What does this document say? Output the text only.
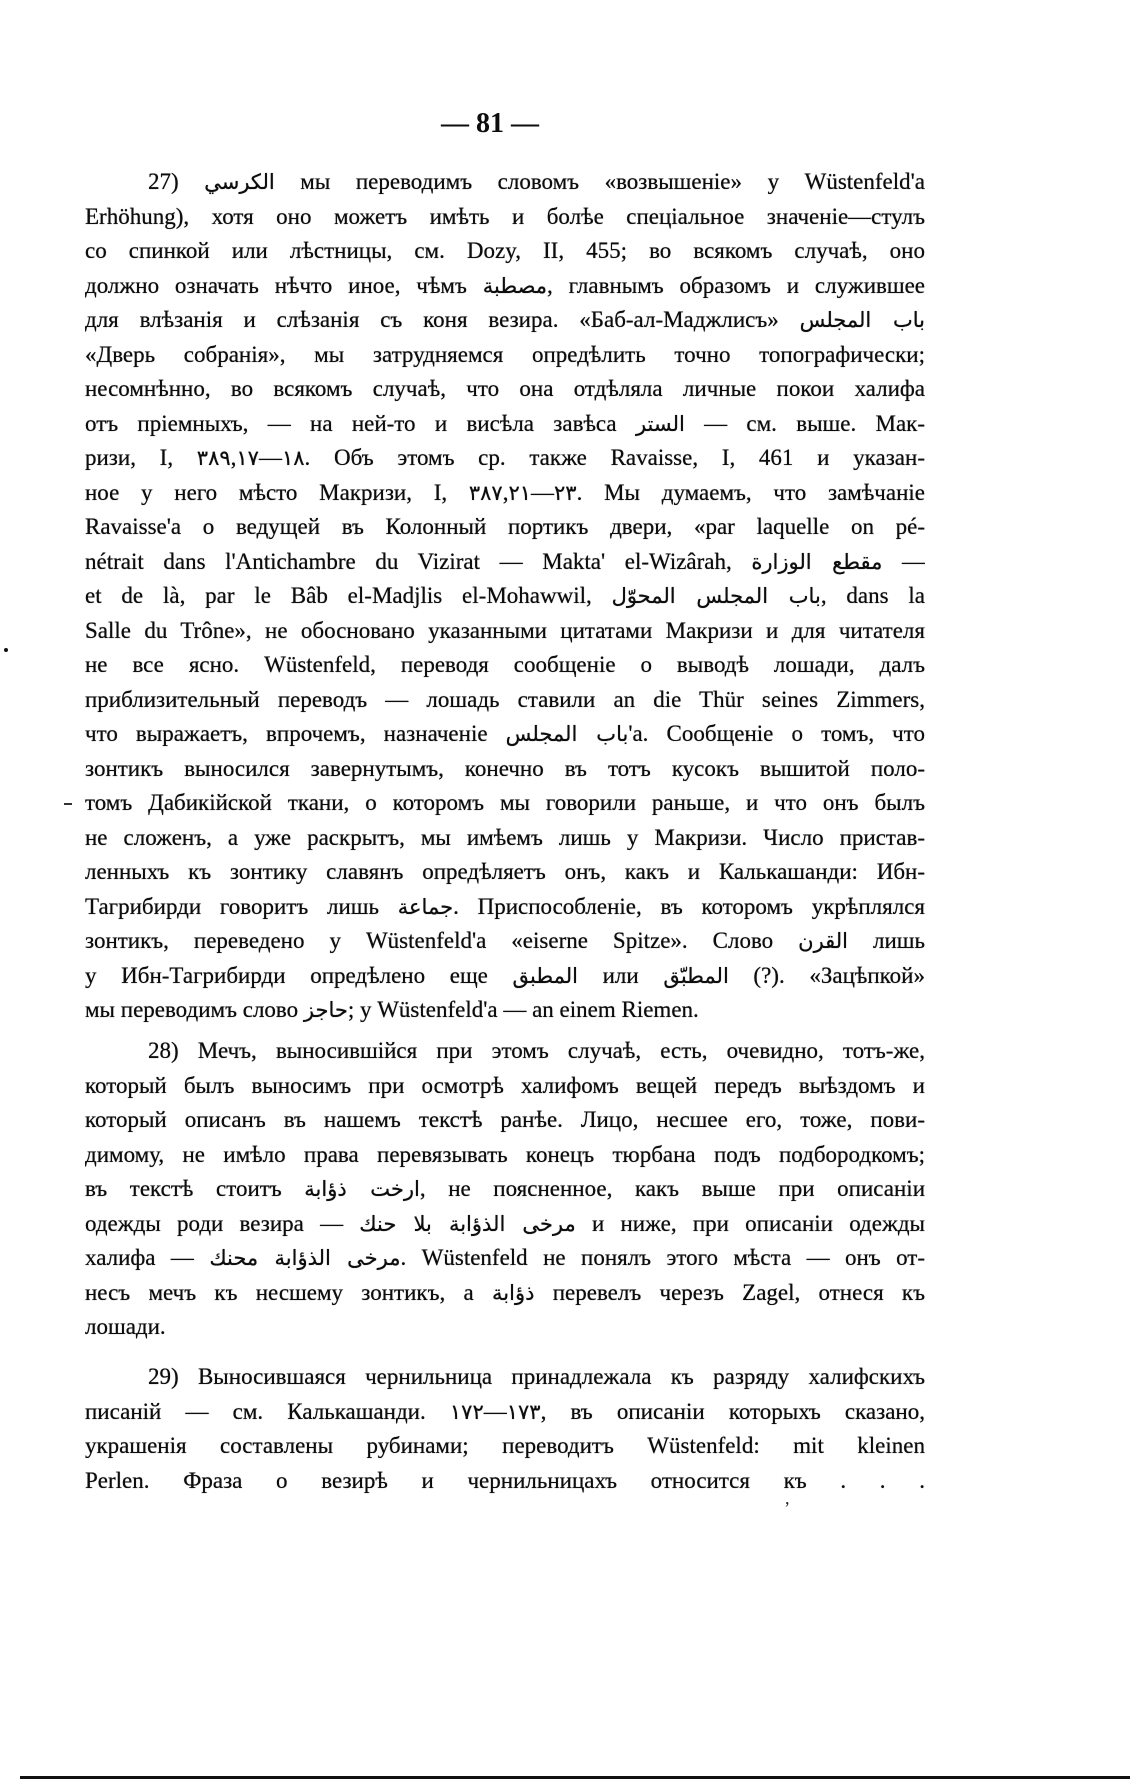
— 81 —
27) الكرسي мы переводимъ словомъ «возвышеніе» у Wüstenfeld'a
Erhöhung), хотя оно можетъ имѣть и болѣе спеціальное значеніе—стулъ
со спинкой или лѣстницы, см. Dozy, II, 455; во всякомъ случаѣ, оно
должно означать нѣчто иное, чѣмъ مصطبة, главнымъ образомъ и служившее
для влѣзанія и слѣзанія съ коня везира. «Баб-ал-Маджлисъ» باب المجلس
«Дверь собранія», мы затрудняемся опредѣлить точно топографически;
несомнѣнно, во всякомъ случаѣ, что она отдѣляла личные покои халифа
отъ пріемныхъ, — на ней-то и висѣла завѣса الستر — см. выше. Мак-
ризи, I, ٣٨٩,١٧—١٨. Объ этомъ ср. также Ravaisse, I, 461 и указан-
ное у него мѣсто Макризи, I, ٣٨٧,٢١—٢٣. Мы думаемъ, что замѣчаніе
Ravaisse'a о ведущей въ Колонный портикъ двери, «par laquelle on pé-
nétrait dans l'Antichambre du Vizirat — Makta' el-Wizârah, مقطع الوزارة —
et de là, par le Bâb el-Madjlis el-Mohawwil, باب المجلس المحوّل, dans la
Salle du Trône», не обосновано указанными цитатами Макризи и для читателя
не все ясно. Wüstenfeld, переводя сообщеніе о выводѣ лошади, далъ
приблизительный переводъ — лошадь ставили an die Thür seines Zimmers,
что выражаетъ, впрочемъ, назначеніе باب المجلس'a. Сообщеніе о томъ, что
зонтикъ выносился завернутымъ, конечно въ тотъ кусокъ вышитой поло-
томъ Дабикійской ткани, о которомъ мы говорили раньше, и что онъ былъ
не сложенъ, а уже раскрытъ, мы имѣемъ лишь у Макризи. Число пристав-
ленныхъ къ зонтику славянъ опредѣляетъ онъ, какъ и Калькашанди: Ибн-
Тагрибирди говоритъ лишь جماعة. Приспособленіе, въ которомъ укрѣплялся
зонтикъ, переведено у Wüstenfeld'a «eiserne Spitze». Слово القرن лишь
у Ибн-Тагрибирди опредѣлено еще المطبق или المطبّق (?). «Зацѣпкой»
мы переводимъ слово حاجز; у Wüstenfeld'a — an einem Riemen.
28) Мечъ, выносившійся при этомъ случаѣ, есть, очевидно, тотъ-же,
который былъ выносимъ при осмотрѣ халифомъ вещей передъ выѣздомъ и
который описанъ въ нашемъ текстѣ ранѣе. Лицо, несшее его, тоже, пови-
димому, не имѣло права перевязывать конецъ тюрбана подъ подбородкомъ;
въ текстѣ стоитъ ارخت ذؤابة, не поясненное, какъ выше при описаніи
одежды роди везира — مرخى الذؤابة بلا حنك и ниже, при описаніи одежды
халифа — مرخى الذؤابة محنك. Wüstenfeld не понялъ этого мѣста — онъ от-
несъ мечъ къ несшему зонтикъ, а ذؤابة перевелъ черезъ Zagel, отнеся къ
лошади.
29) Выносившаяся чернильница принадлежала къ разряду халифскихъ
писаній — см. Калькашанди. ١٧٢—١٧٣, въ описаніи которыхъ сказано,
украшенія составлены рубинами; переводитъ Wüstenfeld: mit kleinen
Perlen. Фраза о везирѣ и чернильницахъ относится къ . . .
,
